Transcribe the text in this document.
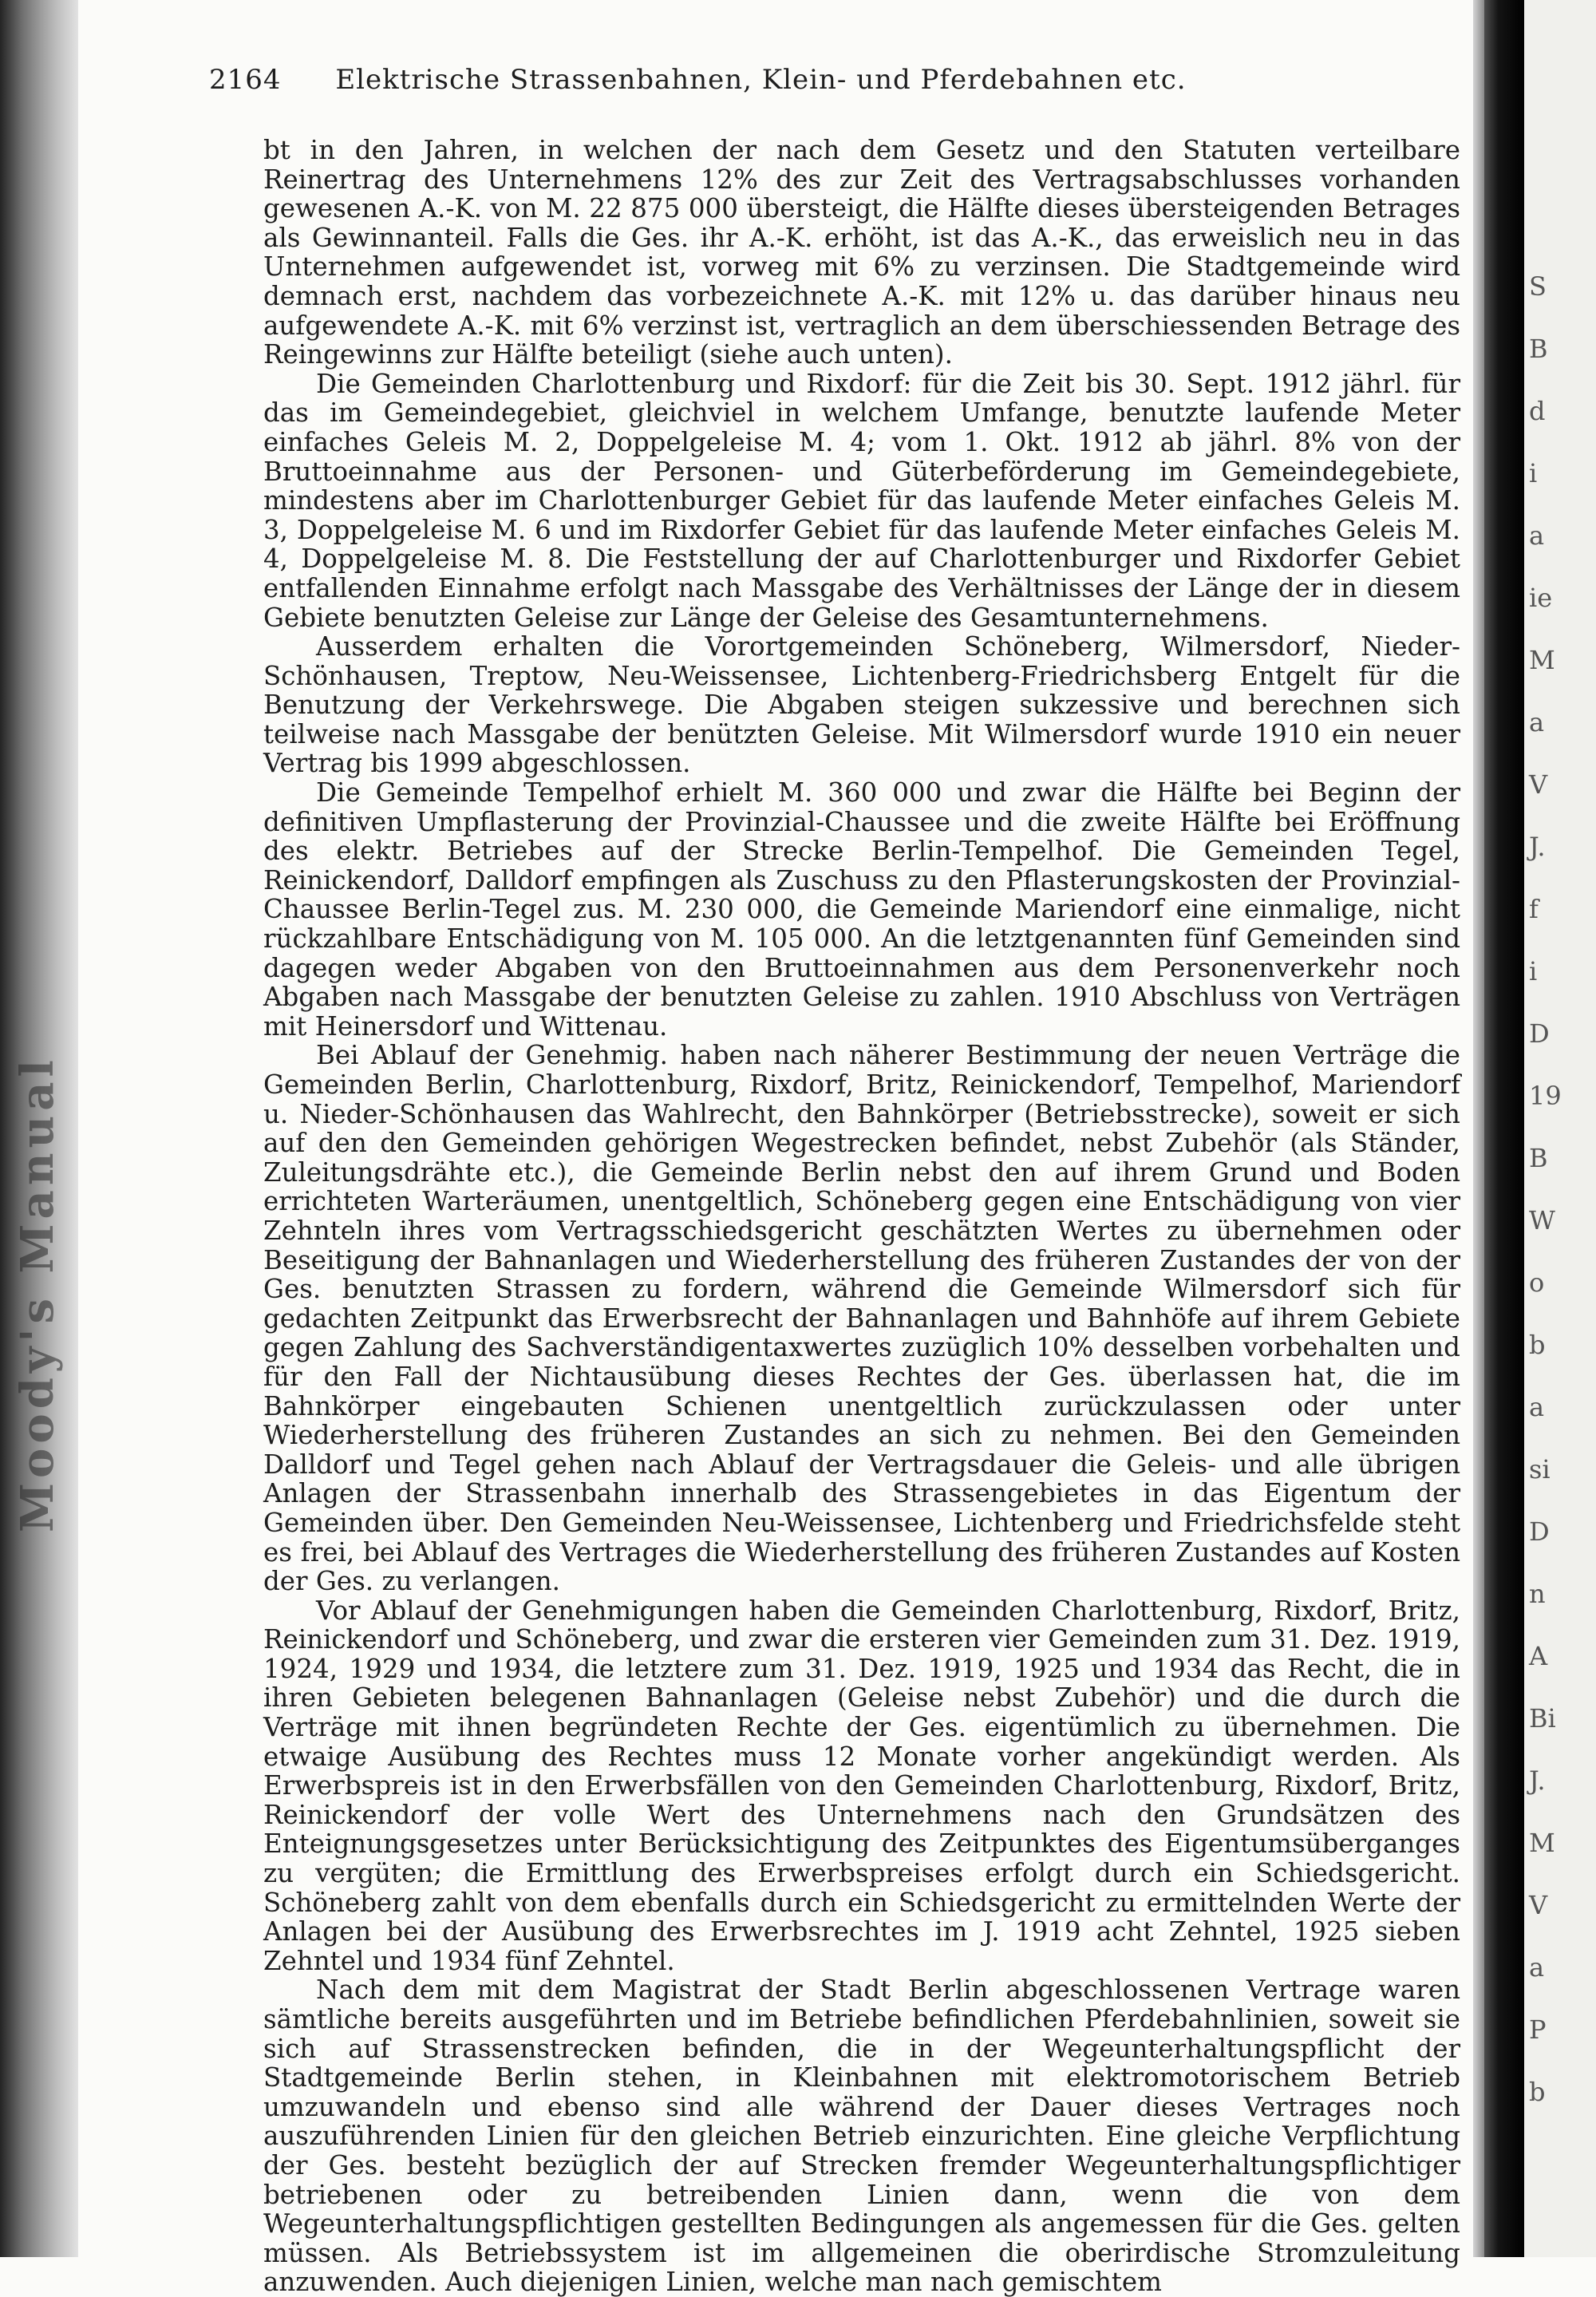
Moody's Manual
S
B
d
i
a
ie
M
a
V
J.
f
i
D
19
B
W
o
b
a
si
D
n
A
Bi
J.
M
V
a
P
b
2164 Elektrische Strassenbahnen, Klein- und Pferdebahnen etc.

bt in den Jahren, in welchen der nach dem Gesetz und den Statuten verteilbare Reinertrag des Unternehmens 12% des zur Zeit des Vertragsabschlusses vorhanden gewesenen A.-K. von M. 22 875 000 übersteigt, die Hälfte dieses übersteigenden Betrages als Gewinnanteil. Falls die Ges. ihr A.-K. erhöht, ist das A.-K., das erweislich neu in das Unternehmen aufgewendet ist, vorweg mit 6% zu verzinsen. Die Stadtgemeinde wird demnach erst, nachdem das vorbezeichnete A.-K. mit 12% u. das darüber hinaus neu aufgewendete A.-K. mit 6% verzinst ist, vertraglich an dem überschiessenden Betrage des Reingewinns zur Hälfte beteiligt (siehe auch unten).

Die Gemeinden Charlottenburg und Rixdorf: für die Zeit bis 30. Sept. 1912 jährl. für das im Gemeindegebiet, gleichviel in welchem Umfange, benutzte laufende Meter einfaches Geleis M. 2, Doppelgeleise M. 4; vom 1. Okt. 1912 ab jährl. 8% von der Bruttoeinnahme aus der Personen- und Güterbeförderung im Gemeindegebiete, mindestens aber im Charlottenburger Gebiet für das laufende Meter einfaches Geleis M. 3, Doppelgeleise M. 6 und im Rixdorfer Gebiet für das laufende Meter einfaches Geleis M. 4, Doppelgeleise M. 8. Die Feststellung der auf Charlottenburger und Rixdorfer Gebiet entfallenden Einnahme erfolgt nach Massgabe des Verhältnisses der Länge der in diesem Gebiete benutzten Geleise zur Länge der Geleise des Gesamtunternehmens.

Ausserdem erhalten die Vorortgemeinden Schöneberg, Wilmersdorf, Nieder-Schönhausen, Treptow, Neu-Weissensee, Lichtenberg-Friedrichsberg Entgelt für die Benutzung der Verkehrswege. Die Abgaben steigen sukzessive und berechnen sich teilweise nach Massgabe der benützten Geleise. Mit Wilmersdorf wurde 1910 ein neuer Vertrag bis 1999 abgeschlossen.

Die Gemeinde Tempelhof erhielt M. 360 000 und zwar die Hälfte bei Beginn der definitiven Umpflasterung der Provinzial-Chaussee und die zweite Hälfte bei Eröffnung des elektr. Betriebes auf der Strecke Berlin-Tempelhof. Die Gemeinden Tegel, Reinickendorf, Dalldorf empfingen als Zuschuss zu den Pflasterungskosten der Provinzial-Chaussee Berlin-Tegel zus. M. 230 000, die Gemeinde Mariendorf eine einmalige, nicht rückzahlbare Entschädigung von M. 105 000. An die letztgenannten fünf Gemeinden sind dagegen weder Abgaben von den Bruttoeinnahmen aus dem Personenverkehr noch Abgaben nach Massgabe der benutzten Geleise zu zahlen. 1910 Abschluss von Verträgen mit Heinersdorf und Wittenau.

Bei Ablauf der Genehmig. haben nach näherer Bestimmung der neuen Verträge die Gemeinden Berlin, Charlottenburg, Rixdorf, Britz, Reinickendorf, Tempelhof, Mariendorf u. Nieder-Schönhausen das Wahlrecht, den Bahnkörper (Betriebsstrecke), soweit er sich auf den den Gemeinden gehörigen Wegestrecken befindet, nebst Zubehör (als Ständer, Zuleitungsdrähte etc.), die Gemeinde Berlin nebst den auf ihrem Grund und Boden errichteten Warteräumen, unentgeltlich, Schöneberg gegen eine Entschädigung von vier Zehnteln ihres vom Vertragsschiedsgericht geschätzten Wertes zu übernehmen oder Beseitigung der Bahnanlagen und Wiederherstellung des früheren Zustandes der von der Ges. benutzten Strassen zu fordern, während die Gemeinde Wilmersdorf sich für gedachten Zeitpunkt das Erwerbsrecht der Bahnanlagen und Bahnhöfe auf ihrem Gebiete gegen Zahlung des Sachverständigentaxwertes zuzüglich 10% desselben vorbehalten und für den Fall der Nichtausübung dieses Rechtes der Ges. überlassen hat, die im Bahnkörper eingebauten Schienen unentgeltlich zurückzulassen oder unter Wiederherstellung des früheren Zustandes an sich zu nehmen. Bei den Gemeinden Dalldorf und Tegel gehen nach Ablauf der Vertragsdauer die Geleis- und alle übrigen Anlagen der Strassenbahn innerhalb des Strassengebietes in das Eigentum der Gemeinden über. Den Gemeinden Neu-Weissensee, Lichtenberg und Friedrichsfelde steht es frei, bei Ablauf des Vertrages die Wiederherstellung des früheren Zustandes auf Kosten der Ges. zu verlangen.

Vor Ablauf der Genehmigungen haben die Gemeinden Charlottenburg, Rixdorf, Britz, Reinickendorf und Schöneberg, und zwar die ersteren vier Gemeinden zum 31. Dez. 1919, 1924, 1929 und 1934, die letztere zum 31. Dez. 1919, 1925 und 1934 das Recht, die in ihren Gebieten belegenen Bahnanlagen (Geleise nebst Zubehör) und die durch die Verträge mit ihnen begründeten Rechte der Ges. eigentümlich zu übernehmen. Die etwaige Ausübung des Rechtes muss 12 Monate vorher angekündigt werden. Als Erwerbspreis ist in den Erwerbsfällen von den Gemeinden Charlottenburg, Rixdorf, Britz, Reinickendorf der volle Wert des Unternehmens nach den Grundsätzen des Enteignungsgesetzes unter Berücksichtigung des Zeitpunktes des Eigentumsüberganges zu vergüten; die Ermittlung des Erwerbspreises erfolgt durch ein Schiedsgericht. Schöneberg zahlt von dem ebenfalls durch ein Schiedsgericht zu ermittelnden Werte der Anlagen bei der Ausübung des Erwerbsrechtes im J. 1919 acht Zehntel, 1925 sieben Zehntel und 1934 fünf Zehntel.

Nach dem mit dem Magistrat der Stadt Berlin abgeschlossenen Vertrage waren sämtliche bereits ausgeführten und im Betriebe befindlichen Pferdebahnlinien, soweit sie sich auf Strassenstrecken befinden, die in der Wegeunterhaltungspflicht der Stadtgemeinde Berlin stehen, in Kleinbahnen mit elektromotorischem Betrieb umzuwandeln und ebenso sind alle während der Dauer dieses Vertrages noch auszuführenden Linien für den gleichen Betrieb einzurichten. Eine gleiche Verpflichtung der Ges. besteht bezüglich der auf Strecken fremder Wegeunterhaltungspflichtiger betriebenen oder zu betreibenden Linien dann, wenn die von dem Wegeunterhaltungspflichtigen gestellten Bedingungen als angemessen für die Ges. gelten müssen. Als Betriebssystem ist im allgemeinen die oberirdische Stromzuleitung anzuwenden. Auch diejenigen Linien, welche man nach gemischtem
